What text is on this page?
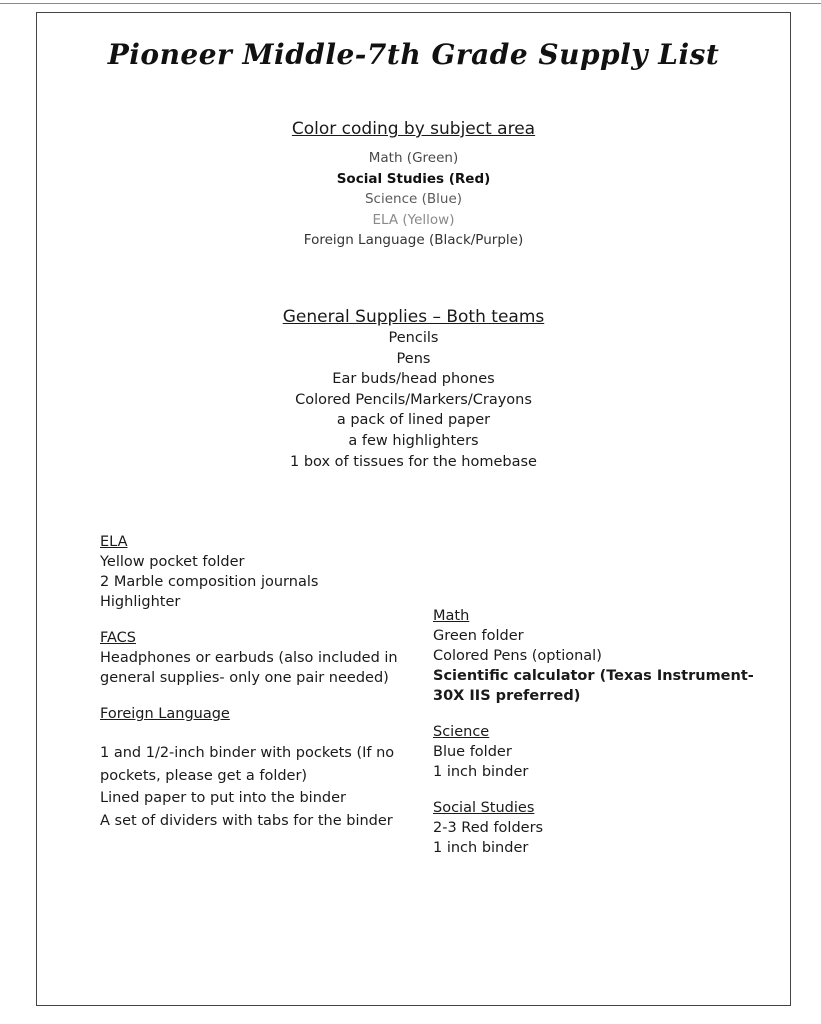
Pioneer Middle-7th Grade Supply List

Color coding by subject area

Math (Green)

Social Studies (Red)

Science (Blue)

ELA (Yellow)

Foreign Language (Black/Purple)

General Supplies – Both teams

Pencils

Pens

Ear buds/head phones

Colored Pencils/Markers/Crayons

a pack of lined paper

a few highlighters

1 box of tissues for the homebase

ELA

Yellow pocket folder

2 Marble composition journals

Highlighter

FACS

Headphones or earbuds (also included in general supplies- only one pair needed)

Foreign Language

1 and 1/2-inch binder with pockets (If no pockets, please get a folder)

Lined paper to put into the binder

A set of dividers with tabs for the binder

Math

Green folder

Colored Pens (optional)

Scientific calculator (Texas Instrument- 30X IIS preferred)

Science

Blue folder

1 inch binder

Social Studies

2-3 Red folders

1 inch binder
